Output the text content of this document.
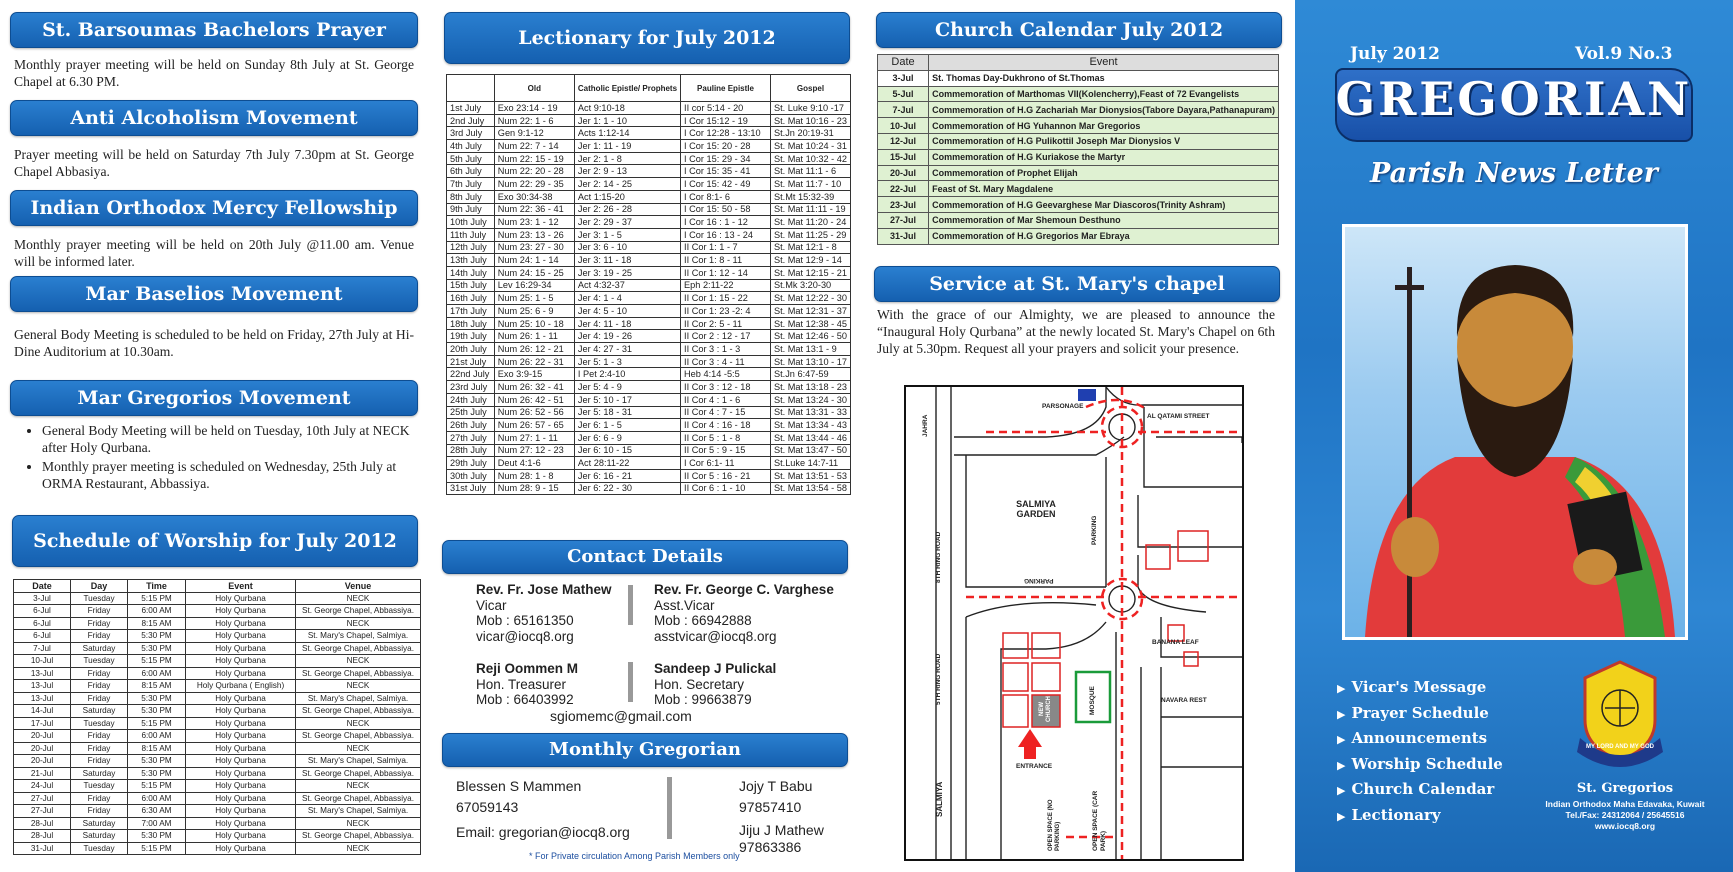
St. Barsoumas Bachelors Prayer

Monthly prayer meeting will be held on Sunday 8th July at St. George Chapel at 6.30 PM.

Anti Alcoholism Movement

Prayer meeting will be held on Saturday 7th July 7.30pm at St. George Chapel Abbasiya.

Indian Orthodox Mercy Fellowship

Monthly prayer meeting will be held on 20th July @11.00 am. Venue will be informed later.

Mar Baselios Movement

General Body Meeting is scheduled to be held on Friday, 27th July at Hi-Dine Auditorium at 10.30am.

Mar Gregorios Movement
• General Body Meeting will be held on Tuesday, 10th July at NECK after Holy Qurbana.
• Monthly prayer meeting is scheduled on Wednesday, 25th July at ORMA Restaurant, Abbassiya.
Schedule of Worship for July 2012
Date	Day	Time	Event	Venue
3-Jul	Tuesday	5:15 PM	Holy Qurbana	NECK
6-Jul	Friday	6:00 AM	Holy Qurbana	St. George Chapel, Abbassiya.
6-Jul	Friday	8:15 AM	Holy Qurbana	NECK
6-Jul	Friday	5:30 PM	Holy Qurbana	St. Mary's Chapel, Salmiya.
7-Jul	Saturday	5:30 PM	Holy Qurbana	St. George Chapel, Abbassiya.
10-Jul	Tuesday	5:15 PM	Holy Qurbana	NECK
13-Jul	Friday	6:00 AM	Holy Qurbana	St. George Chapel, Abbassiya.
13-Jul	Friday	8:15 AM	Holy Qurbana ( English)	NECK
13-Jul	Friday	5:30 PM	Holy Qurbana	St. Mary's Chapel, Salmiya.
14-Jul	Saturday	5:30 PM	Holy Qurbana	St. George Chapel, Abbassiya.
17-Jul	Tuesday	5:15 PM	Holy Qurbana	NECK
20-Jul	Friday	6:00 AM	Holy Qurbana	St. George Chapel, Abbassiya.
20-Jul	Friday	8:15 AM	Holy Qurbana	NECK
20-Jul	Friday	5:30 PM	Holy Qurbana	St. Mary's Chapel, Salmiya.
21-Jul	Saturday	5:30 PM	Holy Qurbana	St. George Chapel, Abbassiya.
24-Jul	Tuesday	5:15 PM	Holy Qurbana	NECK
27-Jul	Friday	6:00 AM	Holy Qurbana	St. George Chapel, Abbassiya.
27-Jul	Friday	6:30 AM	Holy Qurbana	St. Mary's Chapel, Salmiya.
28-Jul	Saturday	7:00 AM	Holy Qurbana	NECK
28-Jul	Saturday	5:30 PM	Holy Qurbana	St. George Chapel, Abbassiya.
31-Jul	Tuesday	5:15 PM	Holy Qurbana	NECK
Lectionary for July 2012
	Old	Catholic Epistle/ Prophets	Pauline Epistle	Gospel
1st July	Exo 23:14 - 19	Act 9:10-18	II cor 5:14 - 20	St. Luke 9:10 -17
2nd July	Num 22: 1 - 6	Jer 1: 1 - 10	I Cor 15:12 - 19	St. Mat 10:16 - 23
3rd July	Gen 9:1-12	Acts 1:12-14	I Cor 12:28 - 13:10	St.Jn 20:19-31
4th July	Num 22: 7 - 14	Jer 1: 11 - 19	I Cor 15: 20 - 28	St. Mat 10:24 - 31
5th July	Num 22: 15 - 19	Jer 2: 1 - 8	I Cor 15: 29 - 34	St. Mat 10:32 - 42
6th July	Num 22: 20 - 28	Jer 2: 9 - 13	I Cor 15: 35 - 41	St. Mat 11:1 - 6
7th July	Num 22: 29 - 35	Jer 2: 14 - 25	I Cor 15: 42 - 49	St. Mat 11:7 - 10
8th July	Exo 30:34-38	Act 1:15-20	I Cor 8:1- 6	St.Mt 15:32-39
9th July	Num 22: 36 - 41	Jer 2: 26 - 28	I Cor 15: 50 - 58	St. Mat 11:11 - 19
10th July	Num 23: 1 - 12	Jer 2: 29 - 37	I Cor 16 : 1 - 12	St. Mat 11:20 - 24
11th July	Num 23: 13 - 26	Jer 3: 1 - 5	I Cor 16 : 13 - 24	St. Mat 11:25 - 29
12th July	Num 23: 27 - 30	Jer 3: 6 - 10	II Cor 1: 1 - 7	St. Mat 12:1 - 8
13th July	Num 24: 1 - 14	Jer 3: 11 - 18	II Cor 1: 8 - 11	St. Mat 12:9 - 14
14th July	Num 24: 15 - 25	Jer 3: 19 - 25	II Cor 1: 12 - 14	St. Mat 12:15 - 21
15th July	Lev 16:29-34	Act 4:32-37	Eph 2:11-22	St.Mk 3:20-30
16th July	Num 25: 1 - 5	Jer 4: 1 - 4	II Cor 1: 15 - 22	St. Mat 12:22 - 30
17th July	Num 25: 6 - 9	Jer 4: 5 - 10	II Cor 1: 23 -2: 4	St. Mat 12:31 - 37
18th July	Num 25: 10 - 18	Jer 4: 11 - 18	II Cor 2: 5 - 11	St. Mat 12:38 - 45
19th July	Num 26: 1 - 11	Jer 4: 19 - 26	II Cor 2 : 12 - 17	St. Mat 12:46 - 50
20th July	Num 26: 12 - 21	Jer 4: 27 - 31	II Cor 3 : 1 - 3	St. Mat 13:1 - 9
21st July	Num 26: 22 - 31	Jer 5: 1 - 3	II Cor 3 : 4 - 11	St. Mat 13:10 - 17
22nd July	Exo 3:9-15	I Pet 2:4-10	Heb 4:14 -5:5	St.Jn 6:47-59
23rd July	Num 26: 32 - 41	Jer 5: 4 - 9	II Cor 3 : 12 - 18	St. Mat 13:18 - 23
24th July	Num 26: 42 - 51	Jer 5: 10 - 17	II Cor 4 : 1 - 6	St. Mat 13:24 - 30
25th July	Num 26: 52 - 56	Jer 5: 18 - 31	II Cor 4 : 7 - 15	St. Mat 13:31 - 33
26th July	Num 26: 57 - 65	Jer 6: 1 - 5	II Cor 4 : 16 - 18	St. Mat 13:34 - 43
27th July	Num 27: 1 - 11	Jer 6: 6 - 9	II Cor 5 : 1 - 8	St. Mat 13:44 - 46
28th July	Num 27: 12 - 23	Jer 6: 10 - 15	II Cor 5 : 9 - 15	St. Mat 13:47 - 50
29th July	Deut 4:1-6	Act 28:11-22	I Cor 6:1- 11	St.Luke 14:7-11
30th July	Num 28: 1 - 8	Jer 6: 16 - 21	II Cor 5 : 16 - 21	St. Mat 13:51 - 53
31st July	Num 28: 9 - 15	Jer 6: 22 - 30	II Cor 6 : 1 - 10	St. Mat 13:54 - 58
Contact Details
Rev. Fr. Jose Mathew
Vicar
Mob : 65161350
vicar@iocq8.org
Rev. Fr. George C. Varghese
Asst.Vicar
Mob : 66942888
asstvicar@iocq8.org
Reji Oommen M
Hon. Treasurer
Mob : 66403992
Sandeep J Pulickal
Hon. Secretary
Mob : 99663879
sgiomemc@gmail.com
Monthly Gregorian
Blessen S Mammen
67059143
Email: gregorian@iocq8.org
Jojy T Babu
97857410
Jiju J Mathew
97863386
* For Private circulation Among Parish Members only
Church Calendar July 2012
Date	Event
3-Jul	St. Thomas Day-Dukhrono of St.Thomas
5-Jul	Commemoration of Marthomas VII(Kolencherry),Feast of 72 Evangelists
7-Jul	Commemoration of H.G Zachariah Mar Dionysios(Tabore Dayara,Pathanapuram)
10-Jul	Commemoration of HG Yuhannon Mar Gregorios
12-Jul	Commemoration of H.G Pulikottil Joseph Mar Dionysios V
15-Jul	Commemoration of H.G Kuriakose the Martyr
20-Jul	Commemoration of Prophet Elijah
22-Jul	Feast of St. Mary Magdalene
23-Jul	Commemoration of H.G Geevarghese Mar Diascoros(Trinity Ashram)
27-Jul	Commemoration of Mar Shemoun Desthuno
31-Jul	Commemoration of H.G Gregorios Mar Ebraya
Service at St. Mary's chapel

With the grace of our Almighty, we are pleased to announce the “Inaugural Holy Qurbana” at the newly located St. Mary's Chapel on 6th July at 5.30pm. Request all your prayers and solicit your presence.

PARSONAGE
AL QATAMI STREET
JAHRA
SALMIYA GARDEN
8TH RING ROAD
PARKING
PARKING
BANANA LEAF
NAVARA REST
5TH RING ROAD
SALMIYA
NEW CHURCH	MOSQUE
ENTRANCE
OPEN SPACE (NO PARKING)	OPEN SPACE (CAR PARK)
July 2012	Vol.9 No.3
GREGORIAN
Parish News Letter
▶ Vicar's Message
▶ Prayer Schedule
▶ Announcements
▶ Worship Schedule
▶ Church Calendar
▶ Lectionary
MY LORD AND MY GOD
St. Gregorios
Indian Orthodox Maha Edavaka, Kuwait
Tel./Fax: 24312064 / 25645516
www.iocq8.org
